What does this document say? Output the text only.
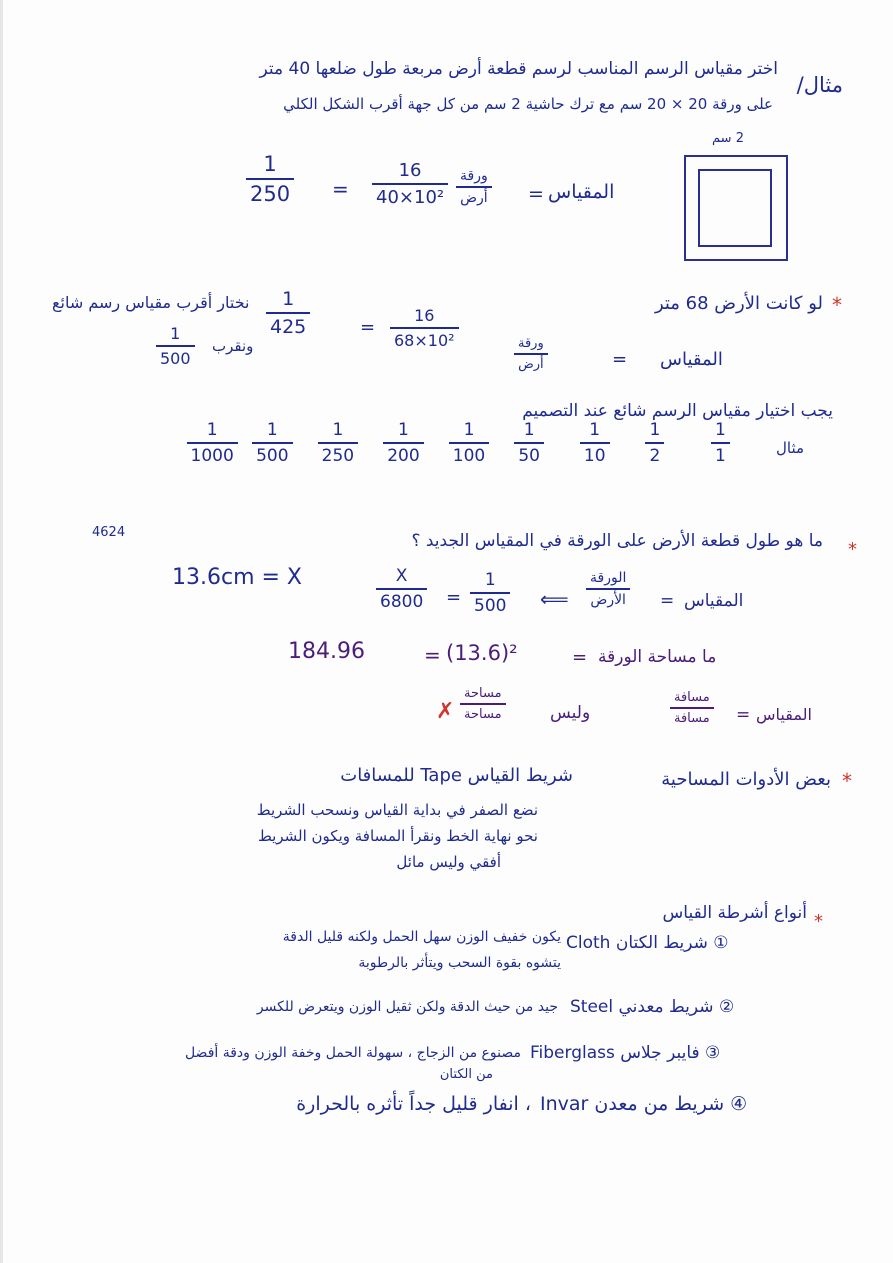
مثال/
اختر مقياس الرسم المناسب لرسم قطعة أرض مربعة طول ضلعها 40 متر
على ورقة 20 × 20 سم مع ترك حاشية 2 سم من كل جهة أقرب الشكل الكلي
المقياس
=
ورقة
أرض
$\frac{16}{\text{40×10²}}$
=
$\frac{1}{250}$
2 سم
*
لو كانت الأرض 68 متر
المقياس
=
ورقة
أرض
$\frac{16}{\text{68×10²}}$
=
$\frac{1}{425}$
نختار أقرب مقياس رسم شائع
$\frac{1}{500}$ ونقرب
يجب اختيار مقياس الرسم شائع عند التصميم
مثال
$\frac{1}{1}$
$\frac{1}{2}$
$\frac{1}{10}$
$\frac{1}{50}$
$\frac{1}{100}$
$\frac{1}{200}$
$\frac{1}{250}$
$\frac{1}{500}$
$\frac{1}{1000}$
4624
*
ما هو طول قطعة الأرض على الورقة في المقياس الجديد ؟
المقياس
=
الورقة
الأرض
⟸
$\frac{1}{500}$
=
$\frac{X}{6800}$
13.6cm = X
ما مساحة الورقة
=
(13.6)²
=
184.96
المقياس
=
مسافة
مسافة
وليس
مساحة
مساحة
✗
*
بعض الأدوات المساحية
شريط القياس Tape للمسافات
نضع الصفر في بداية القياس ونسحب الشريط
نحو نهاية الخط ونقرأ المسافة ويكون الشريط
أفقي وليس مائل
*
أنواع أشرطة القياس
① شريط الكتان Cloth
يكون خفيف الوزن سهل الحمل ولكنه قليل الدقة
يتشوه بقوة السحب ويتأثر بالرطوبة
② شريط معدني Steel
جيد من حيث الدقة ولكن ثقيل الوزن ويتعرض للكسر
③ فايبر جلاس Fiberglass
مصنوع من الزجاج ، سهولة الحمل وخفة الوزن ودقة أفضل
من الكتان
④ شريط من معدن Invar
، انفار قليل جداً تأثره بالحرارة
